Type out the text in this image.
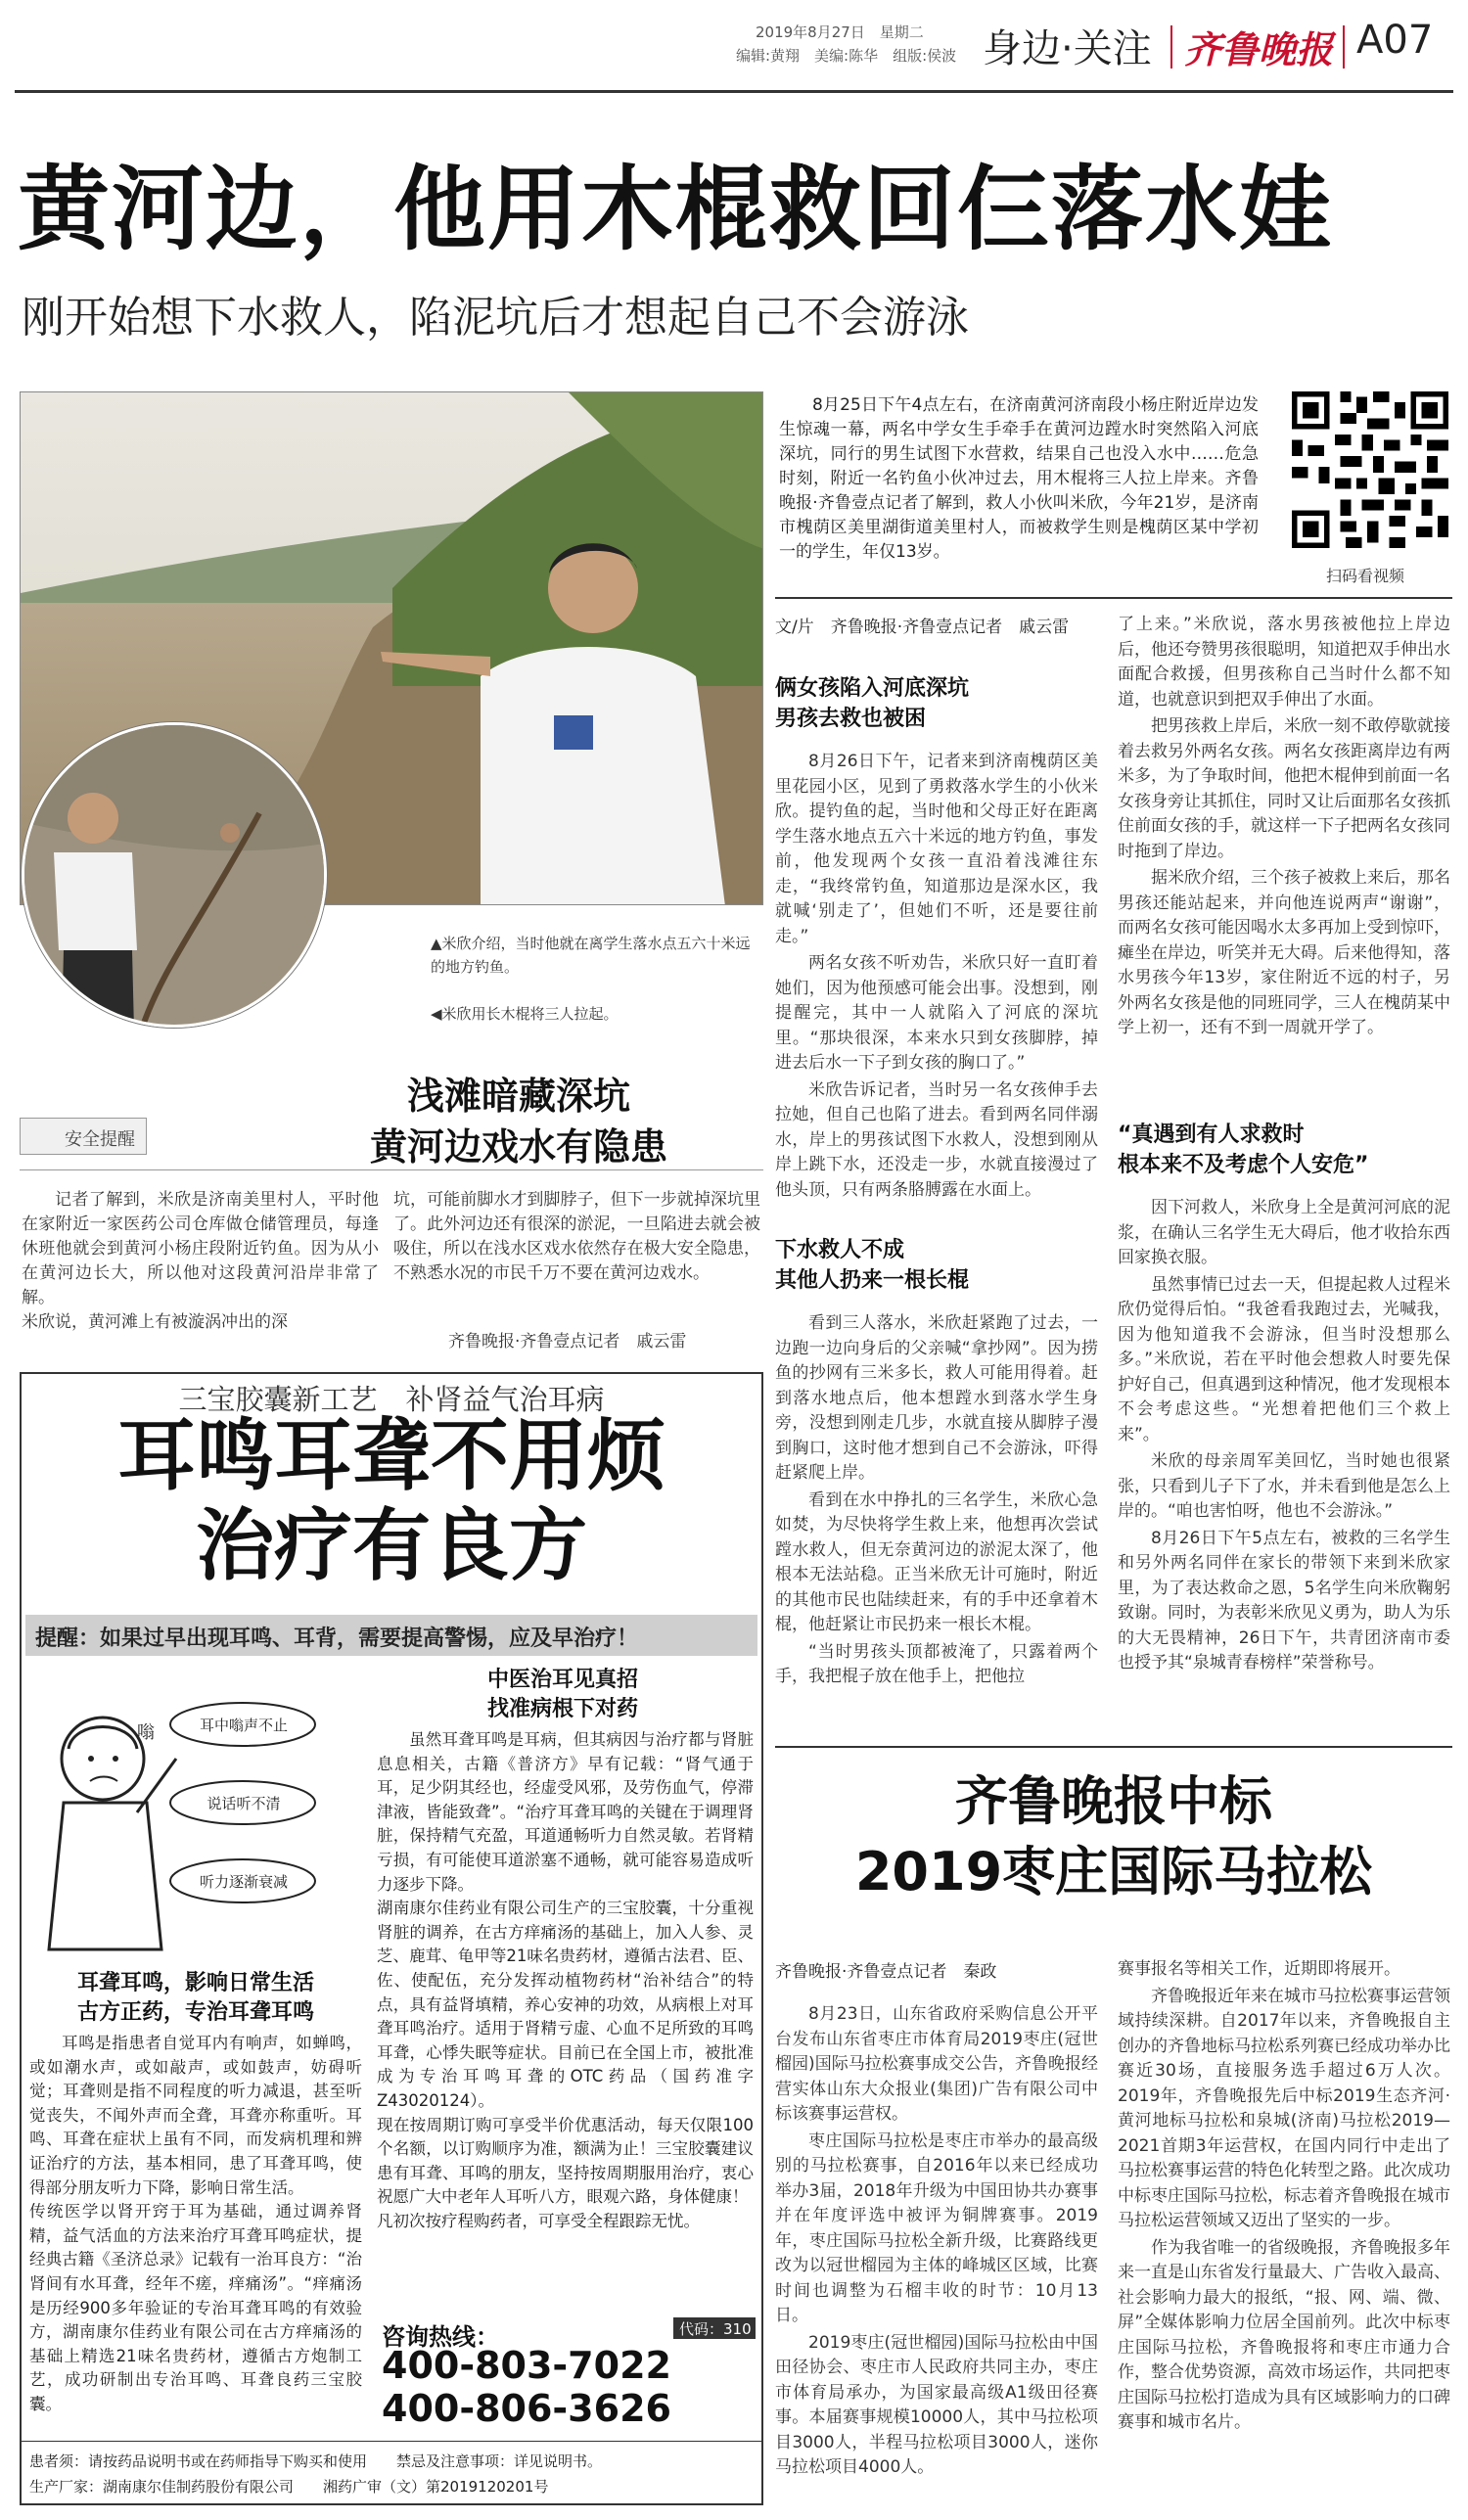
2019年8月27日　星期二
编辑:黄翔　美编:陈华　组版:侯波 身边·关注 齐鲁晚报 A07
黄河边，他用木棍救回仨落水娃
刚开始想下水救人，陷泥坑后才想起自己不会游泳
▲米欣介绍，当时他就在离学生落水点五六十米远的地方钓鱼。
◀米欣用长木棍将三人拉起。
8月25日下午4点左右，在济南黄河济南段小杨庄附近岸边发生惊魂一幕，两名中学女生手牵手在黄河边蹚水时突然陷入河底深坑，同行的男生试图下水营救，结果自己也没入水中……危急时刻，附近一名钓鱼小伙冲过去，用木棍将三人拉上岸来。齐鲁晚报·齐鲁壹点记者了解到，救人小伙叫米欣，今年21岁，是济南市槐荫区美里湖街道美里村人，而被救学生则是槐荫区某中学初一的学生，年仅13岁。
扫码看视频
文/片　齐鲁晚报·齐鲁壹点记者　戚云雷
俩女孩陷入河底深坑
男孩去救也被困

8月26日下午，记者来到济南槐荫区美里花园小区，见到了勇救落水学生的小伙米欣。提钓鱼的起，当时他和父母正好在距离学生落水地点五六十米远的地方钓鱼，事发前，他发现两个女孩一直沿着浅滩往东走，“我终常钓鱼，知道那边是深水区，我就喊‘别走了’，但她们不听，还是要往前走。”

两名女孩不听劝告，米欣只好一直盯着她们，因为他预感可能会出事。没想到，刚提醒完，其中一人就陷入了河底的深坑里。“那块很深，本来水只到女孩脚脖，掉进去后水一下子到女孩的胸口了。”

米欣告诉记者，当时另一名女孩伸手去拉她，但自己也陷了进去。看到两名同伴溺水，岸上的男孩试图下水救人，没想到刚从岸上跳下水，还没走一步，水就直接漫过了他头顶，只有两条胳膊露在水面上。

下水救人不成
其他人扔来一根长棍

看到三人落水，米欣赶紧跑了过去，一边跑一边向身后的父亲喊“拿抄网”。因为捞鱼的抄网有三米多长，救人可能用得着。赶到落水地点后，他本想蹚水到落水学生身旁，没想到刚走几步，水就直接从脚脖子漫到胸口，这时他才想到自己不会游泳，吓得赶紧爬上岸。

看到在水中挣扎的三名学生，米欣心急如焚，为尽快将学生救上来，他想再次尝试蹚水救人，但无奈黄河边的淤泥太深了，他根本无法站稳。正当米欣无计可施时，附近的其他市民也陆续赶来，有的手中还拿着木棍，他赶紧让市民扔来一根长木棍。

“当时男孩头顶都被淹了，只露着两个手，我把棍子放在他手上，把他拉

了上来。”米欣说，落水男孩被他拉上岸边后，他还夸赞男孩很聪明，知道把双手伸出水面配合救援，但男孩称自己当时什么都不知道，也就意识到把双手伸出了水面。

把男孩救上岸后，米欣一刻不敢停歇就接着去救另外两名女孩。两名女孩距离岸边有两米多，为了争取时间，他把木棍伸到前面一名女孩身旁让其抓住，同时又让后面那名女孩抓住前面女孩的手，就这样一下子把两名女孩同时拖到了岸边。

据米欣介绍，三个孩子被救上来后，那名男孩还能站起来，并向他连说两声“谢谢”，而两名女孩可能因喝水太多再加上受到惊吓，瘫坐在岸边，听笑并无大碍。后来他得知，落水男孩今年13岁，家住附近不远的村子，另外两名女孩是他的同班同学，三人在槐荫某中学上初一，还有不到一周就开学了。

“真遇到有人求救时
根本来不及考虑个人安危”

因下河救人，米欣身上全是黄河河底的泥浆，在确认三名学生无大碍后，他才收拾东西回家换衣服。

虽然事情已过去一天，但提起救人过程米欣仍觉得后怕。“我爸看我跑过去，光喊我，因为他知道我不会游泳，但当时没想那么多。”米欣说，若在平时他会想救人时要先保护好自己，但真遇到这种情况，他才发现根本不会考虑这些。“光想着把他们三个救上来”。

米欣的母亲周军美回忆，当时她也很紧张，只看到儿子下了水，并未看到他是怎么上岸的。“咱也害怕呀，他也不会游泳。”

8月26日下午5点左右，被救的三名学生和另外两名同伴在家长的带领下来到米欣家里，为了表达救命之恩，5名学生向米欣鞠躬致谢。同时，为表彰米欣见义勇为，助人为乐的大无畏精神，26日下午，共青团济南市委也授予其“泉城青春榜样”荣誉称号。

安全提醒
浅滩暗藏深坑
黄河边戏水有隐患
记者了解到，米欣是济南美里村人，平时他在家附近一家医药公司仓库做仓储管理员，每逢休班他就会到黄河小杨庄段附近钓鱼。因为从小在黄河边长大，所以他对这段黄河沿岸非常了解。
米欣说，黄河滩上有被漩涡冲出的深
坑，可能前脚水才到脚脖子，但下一步就掉深坑里了。此外河边还有很深的淤泥，一旦陷进去就会被吸住，所以在浅水区戏水依然存在极大安全隐患，不熟悉水况的市民千万不要在黄河边戏水。
齐鲁晚报·齐鲁壹点记者　戚云雷
三宝胶囊新工艺　补肾益气治耳病
耳鸣耳聋不用烦
治疗有良方
提醒：如果过早出现耳鸣、耳背，需要提高警惕，应及早治疗！
嗡	耳中嗡声不止
说话听不清
听力逐渐衰减
耳聋耳鸣，影响日常生活
古方正药，专治耳聋耳鸣
耳鸣是指患者自觉耳内有响声，如蝉鸣，或如潮水声，或如敲声，或如鼓声，妨碍听觉；耳聋则是指不同程度的听力减退，甚至听觉丧失，不闻外声而全聋，耳聋亦称重听。耳鸣、耳聋在症状上虽有不同，而发病机理和辨证治疗的方法，基本相同，患了耳聋耳鸣，使得部分朋友听力下降，影响日常生活。
传统医学以肾开窍于耳为基础，通过调养肾精，益气活血的方法来治疗耳聋耳鸣症状，提经典古籍《圣济总录》记载有一治耳良方：“治肾间有水耳聋，经年不瘥，痒痛汤”。“痒痛汤是历经900多年验证的专治耳聋耳鸣的有效验方，湖南康尔佳药业有限公司在古方痒痛汤的基础上精选21味名贵药材，遵循古方炮制工艺，成功研制出专治耳鸣、耳聋良药三宝胶囊。
中医治耳见真招
找准病根下对药
虽然耳聋耳鸣是耳病，但其病因与治疗都与肾脏息息相关，古籍《普济方》早有记载：“肾气通于耳，足少阴其经也，经虚受风邪，及劳伤血气，停滞津液，皆能致聋”。“治疗耳聋耳鸣的关键在于调理肾脏，保持精气充盈，耳道通畅听力自然灵敏。若肾精亏损，有可能使耳道淤塞不通畅，就可能容易造成听力逐步下降。
湖南康尔佳药业有限公司生产的三宝胶囊，十分重视肾脏的调养，在古方痒痛汤的基础上，加入人参、灵芝、鹿茸、龟甲等21味名贵药材，遵循古法君、臣、佐、使配伍，充分发挥动植物药材“治补结合”的特点，具有益肾填精，养心安神的功效，从病根上对耳聋耳鸣治疗。适用于肾精亏虚、心血不足所致的耳鸣耳聋，心悸失眠等症状。目前已在全国上市，被批准成为专治耳鸣耳聋的OTC药品（国药准字Z43020124）。
现在按周期订购可享受半价优惠活动，每天仅限100个名额，以订购顺序为准，额满为止！三宝胶囊建议患有耳聋、耳鸣的朋友，坚持按周期服用治疗，衷心祝愿广大中老年人耳听八方，眼观六路，身体健康！
凡初次按疗程购药者，可享受全程跟踪无忧。
咨询热线：	代码：310
400-803-7022
400-806-3626
患者须：请按药品说明书或在药师指导下购买和使用　　禁忌及注意事项：详见说明书。
生产厂家：湖南康尔佳制药股份有限公司　　湘药广审（文）第2019120201号
齐鲁晚报中标
2019枣庄国际马拉松
齐鲁晚报·齐鲁壹点记者　秦政

8月23日，山东省政府采购信息公开平台发布山东省枣庄市体育局2019枣庄(冠世榴园)国际马拉松赛事成交公告，齐鲁晚报经营实体山东大众报业(集团)广告有限公司中标该赛事运营权。

枣庄国际马拉松是枣庄市举办的最高级别的马拉松赛事，自2016年以来已经成功举办3届，2018年升级为中国田协共办赛事并在年度评选中被评为铜牌赛事。2019年，枣庄国际马拉松全新升级，比赛路线更改为以冠世榴园为主体的峰城区区域，比赛时间也调整为石榴丰收的时节：10月13日。

2019枣庄(冠世榴园)国际马拉松由中国田径协会、枣庄市人民政府共同主办，枣庄市体育局承办，为国家最高级A1级田径赛事。本届赛事规模10000人，其中马拉松项目3000人，半程马拉松项目3000人，迷你马拉松项目4000人。

赛事报名等相关工作，近期即将展开。

齐鲁晚报近年来在城市马拉松赛事运营领域持续深耕。自2017年以来，齐鲁晚报自主创办的齐鲁地标马拉松系列赛已经成功举办比赛近30场，直接服务选手超过6万人次。2019年，齐鲁晚报先后中标2019生态齐河·黄河地标马拉松和泉城(济南)马拉松2019—2021首期3年运营权，在国内同行中走出了马拉松赛事运营的特色化转型之路。此次成功中标枣庄国际马拉松，标志着齐鲁晚报在城市马拉松运营领域又迈出了坚实的一步。

作为我省唯一的省级晚报，齐鲁晚报多年来一直是山东省发行量最大、广告收入最高、社会影响力最大的报纸，“报、网、端、微、屏”全媒体影响力位居全国前列。此次中标枣庄国际马拉松，齐鲁晚报将和枣庄市通力合作，整合优势资源，高效市场运作，共同把枣庄国际马拉松打造成为具有区域影响力的口碑赛事和城市名片。
